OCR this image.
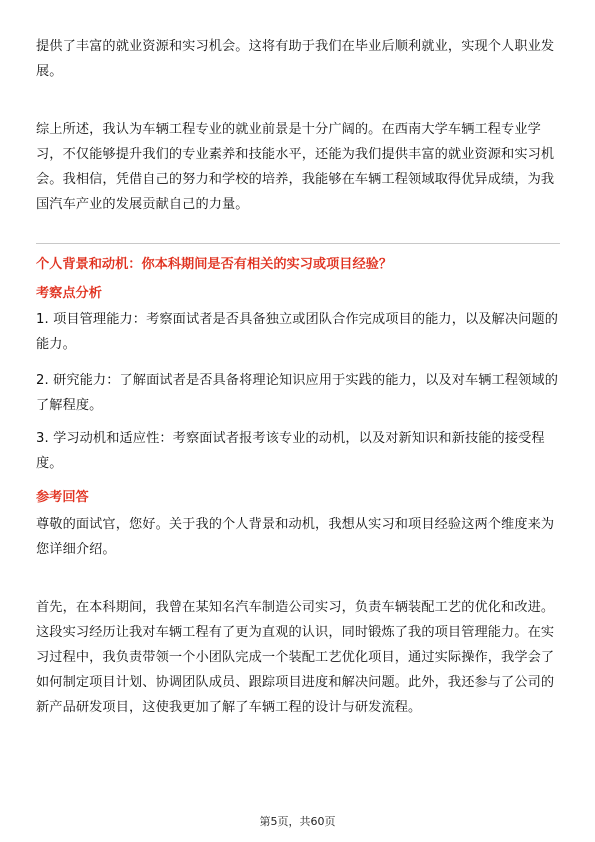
提供了丰富的就业资源和实习机会。这将有助于我们在毕业后顺利就业，实现个人职业发展。

综上所述，我认为车辆工程专业的就业前景是十分广阔的。在西南大学车辆工程专业学习，不仅能够提升我们的专业素养和技能水平，还能为我们提供丰富的就业资源和实习机会。我相信，凭借自己的努力和学校的培养，我能够在车辆工程领域取得优异成绩，为我国汽车产业的发展贡献自己的力量。

个人背景和动机：你本科期间是否有相关的实习或项目经验？

考察点分析

1. 项目管理能力：考察面试者是否具备独立或团队合作完成项目的能力，以及解决问题的能力。

2. 研究能力：了解面试者是否具备将理论知识应用于实践的能力，以及对车辆工程领域的了解程度。

3. 学习动机和适应性：考察面试者报考该专业的动机，以及对新知识和新技能的接受程度。

参考回答

尊敬的面试官，您好。关于我的个人背景和动机，我想从实习和项目经验这两个维度来为您详细介绍。

首先，在本科期间，我曾在某知名汽车制造公司实习，负责车辆装配工艺的优化和改进。这段实习经历让我对车辆工程有了更为直观的认识，同时锻炼了我的项目管理能力。在实习过程中，我负责带领一个小团队完成一个装配工艺优化项目，通过实际操作，我学会了如何制定项目计划、协调团队成员、跟踪项目进度和解决问题。此外，我还参与了公司的新产品研发项目，这使我更加了解了车辆工程的设计与研发流程。

第5页，共60页
